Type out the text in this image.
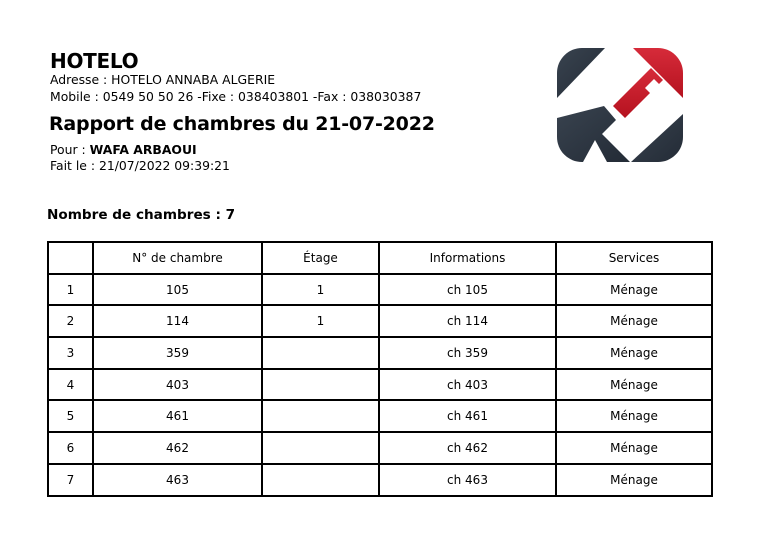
HOTELO
Adresse : HOTELO ANNABA ALGERIE
Mobile : 0549 50 50 26 -Fixe : 038403801 -Fax : 038030387
Rapport de chambres du 21-07-2022
Pour : WAFA ARBAOUI
Fait le : 21/07/2022 09:39:21
Nombre de chambres : 7
	N° de chambre	Étage	Informations	Services
1	105	1	ch 105	Ménage
2	114	1	ch 114	Ménage
3	359		ch 359	Ménage
4	403		ch 403	Ménage
5	461		ch 461	Ménage
6	462		ch 462	Ménage
7	463		ch 463	Ménage
